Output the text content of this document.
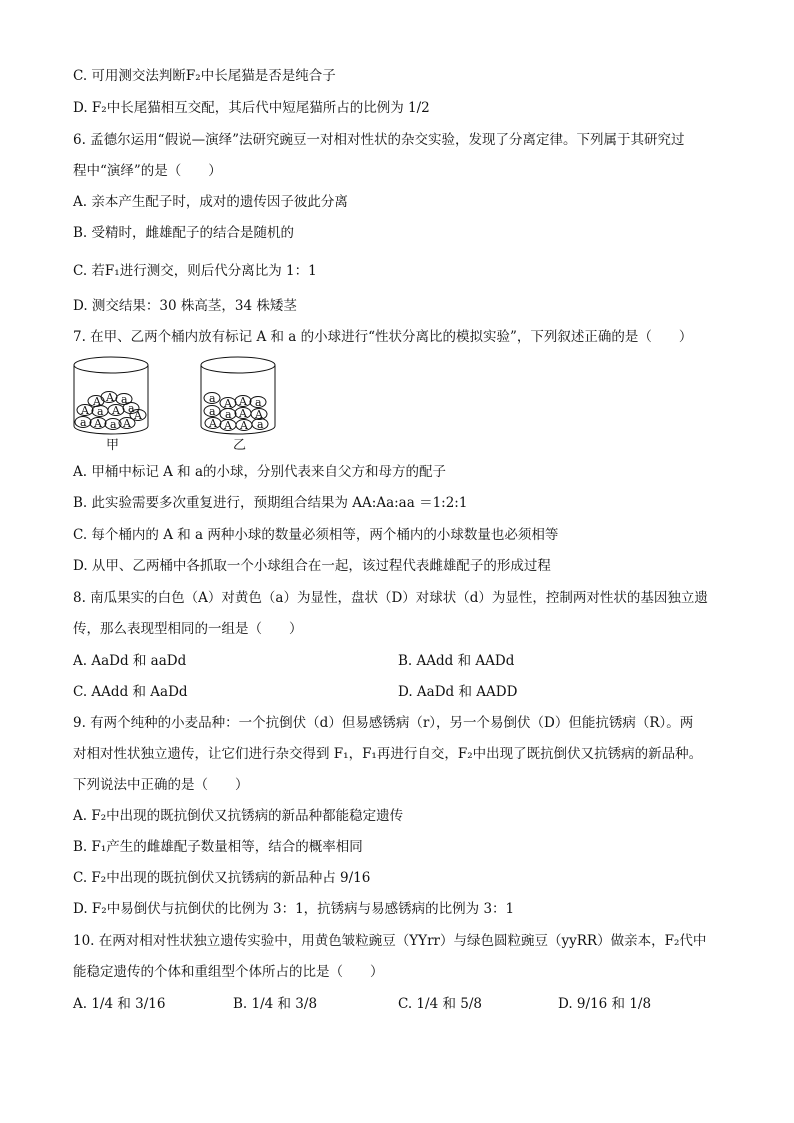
C. 可用测交法判断F₂中长尾猫是否是纯合子
D. F₂中长尾猫相互交配，其后代中短尾猫所占的比例为 1/2
6. 孟德尔运用“假说—演绎”法研究豌豆一对相对性状的杂交实验，发现了分离定律。下列属于其研究过
程中“演绎”的是（　　）
A. 亲本产生配子时，成对的遗传因子彼此分离
B. 受精时，雌雄配子的结合是随机的
C. 若F₁进行测交，则后代分离比为 1：1
D. 测交结果：30 株高茎，34 株矮茎
7. 在甲、乙两个桶内放有标记 A 和 a 的小球进行“性状分离比的模拟实验”，下列叙述正确的是（　　）
A A a
A a A a
A
a A a A
甲
a A A a
a a A A
A A A a
乙
A. 甲桶中标记 A 和 a的小球，分别代表来自父方和母方的配子
B. 此实验需要多次重复进行，预期组合结果为 AA:Aa:aa ＝1:2:1
C. 每个桶内的 A 和 a 两种小球的数量必须相等，两个桶内的小球数量也必须相等
D. 从甲、乙两桶中各抓取一个小球组合在一起，该过程代表雌雄配子的形成过程
8. 南瓜果实的白色（A）对黄色（a）为显性，盘状（D）对球状（d）为显性，控制两对性状的基因独立遗
传，那么表现型相同的一组是（　　）
A. AaDd 和 aaDd	B. AAdd 和 AADd
C. AAdd 和 AaDd	D. AaDd 和 AADD
9. 有两个纯种的小麦品种：一个抗倒伏（d）但易感锈病（r），另一个易倒伏（D）但能抗锈病（R）。两
对相对性状独立遗传，让它们进行杂交得到 F₁，F₁再进行自交，F₂中出现了既抗倒伏又抗锈病的新品种。
下列说法中正确的是（　　）
A. F₂中出现的既抗倒伏又抗锈病的新品种都能稳定遗传
B. F₁产生的雌雄配子数量相等，结合的概率相同
C. F₂中出现的既抗倒伏又抗锈病的新品种占 9/16
D. F₂中易倒伏与抗倒伏的比例为 3：1，抗锈病与易感锈病的比例为 3：1
10. 在两对相对性状独立遗传实验中，用黄色皱粒豌豆（YYrr）与绿色圆粒豌豆（yyRR）做亲本，F₂代中
能稳定遗传的个体和重组型个体所占的比是（　　）
A. 1/4 和 3/16	B. 1/4 和 3/8	C. 1/4 和 5/8	D. 9/16 和 1/8
